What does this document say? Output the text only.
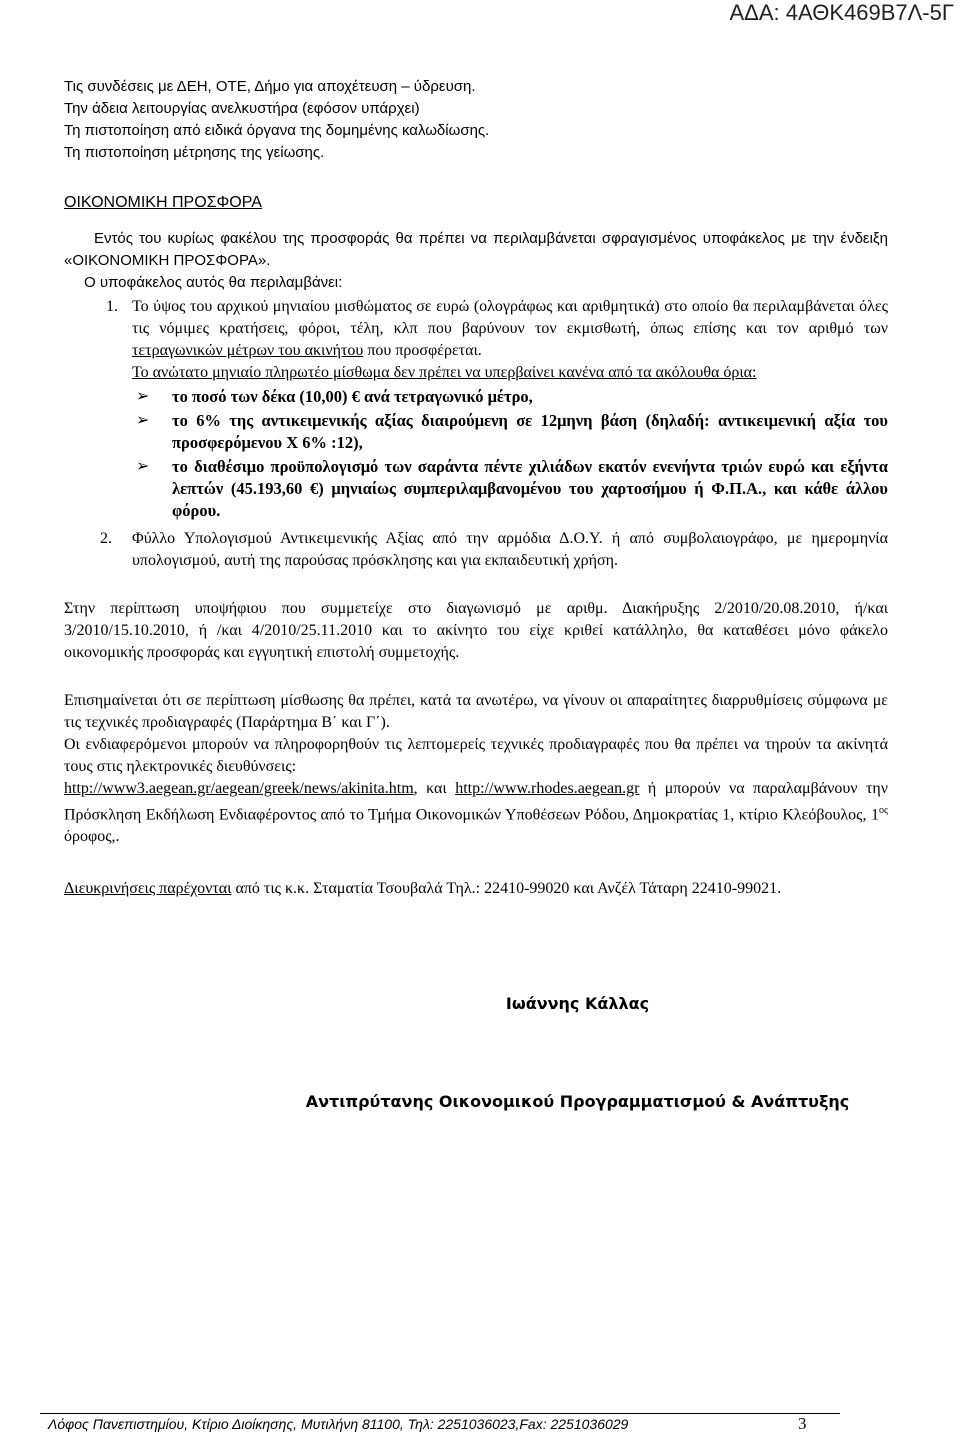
ΑΔΑ: 4ΑΘΚ469Β7Λ-5Γ

Τις συνδέσεις με ΔΕΗ, ΟΤΕ, Δήμο για αποχέτευση – ύδρευση.

Την άδεια λειτουργίας ανελκυστήρα (εφόσον υπάρχει)

Τη πιστοποίηση από ειδικά όργανα της δομημένης καλωδίωσης.

Τη πιστοποίηση μέτρησης της γείωσης.

ΟΙΚΟΝΟΜΙΚΗ ΠΡΟΣΦΟΡΑ

Εντός του κυρίως φακέλου της προσφοράς θα πρέπει να περιλαμβάνεται σφραγισμένος υποφάκελος με την ένδειξη «ΟΙΚΟΝΟΜΙΚΗ ΠΡΟΣΦΟΡΑ».

Ο υποφάκελος αυτός θα περιλαμβάνει:

1. Το ύψος του αρχικού μηνιαίου μισθώματος σε ευρώ (ολογράφως και αριθμητικά) στο οποίο θα περιλαμβάνεται όλες τις νόμιμες κρατήσεις, φόροι, τέλη, κλπ που βαρύνουν τον εκμισθωτή, όπως επίσης και τον αριθμό των τετραγωνικών μέτρων του ακινήτου που προσφέρεται.

Το ανώτατο μηνιαίο πληρωτέο μίσθωμα δεν πρέπει να υπερβαίνει κανένα από τα ακόλουθα όρια:

➢ το ποσό των δέκα (10,00) € ανά τετραγωνικό μέτρο,
➢ το 6% της αντικειμενικής αξίας διαιρούμενη σε 12μηνη βάση (δηλαδή: αντικειμενική αξία του προσφερόμενου Χ 6% :12),
➢ το διαθέσιμο προϋπολογισμό των σαράντα πέντε χιλιάδων εκατόν ενενήντα τριών ευρώ και εξήντα λεπτών (45.193,60 €) μηνιαίως συμπεριλαμβανομένου του χαρτοσήμου ή Φ.Π.Α., και κάθε άλλου φόρου.
2. Φύλλο Υπολογισμού Αντικειμενικής Αξίας από την αρμόδια Δ.Ο.Υ. ή από συμβολαιογράφο, με ημερομηνία υπολογισμού, αυτή της παρούσας πρόσκλησης και για εκπαιδευτική χρήση.
Στην περίπτωση υποψήφιου που συμμετείχε στο διαγωνισμό με αριθμ. Διακήρυξης 2/2010/20.08.2010, ή/και 3/2010/15.10.2010, ή /και 4/2010/25.11.2010 και το ακίνητο του είχε κριθεί κατάλληλο, θα καταθέσει μόνο φάκελο οικονομικής προσφοράς και εγγυητική επιστολή συμμετοχής.

Επισημαίνεται ότι σε περίπτωση μίσθωσης θα πρέπει, κατά τα ανωτέρω, να γίνουν οι απαραίτητες διαρρυθμίσεις σύμφωνα με τις τεχνικές προδιαγραφές (Παράρτημα Β΄ και Γ΄).

Οι ενδιαφερόμενοι μπορούν να πληροφορηθούν τις λεπτομερείς τεχνικές προδιαγραφές που θα πρέπει να τηρούν τα ακίνητά τους στις ηλεκτρονικές διευθύνσεις:

http://www3.aegean.gr/aegean/greek/news/akinita.htm, και http://www.rhodes.aegean.gr ή μπορούν να παραλαμβάνουν την Πρόσκληση Εκδήλωση Ενδιαφέροντος από το Τμήμα Οικονομικών Υποθέσεων Ρόδου, Δημοκρατίας 1, κτίριο Κλεόβουλος, $1^{o\varsigma}$ όροφος,.

Διευκρινήσεις παρέχονται από τις κ.κ. Σταματία Τσουβαλά Τηλ.: 22410-99020 και Ανζέλ Τάταρη 22410-99021.
Ιωάννης Κάλλας
Αντιπρύτανης Οικονομικού Προγραμματισμού & Ανάπτυξης
Λόφος Πανεπιστημίου, Κτίριο Διοίκησης, Μυτιλήνη 81100, Τηλ: 2251036023,Fax: 2251036029	3
